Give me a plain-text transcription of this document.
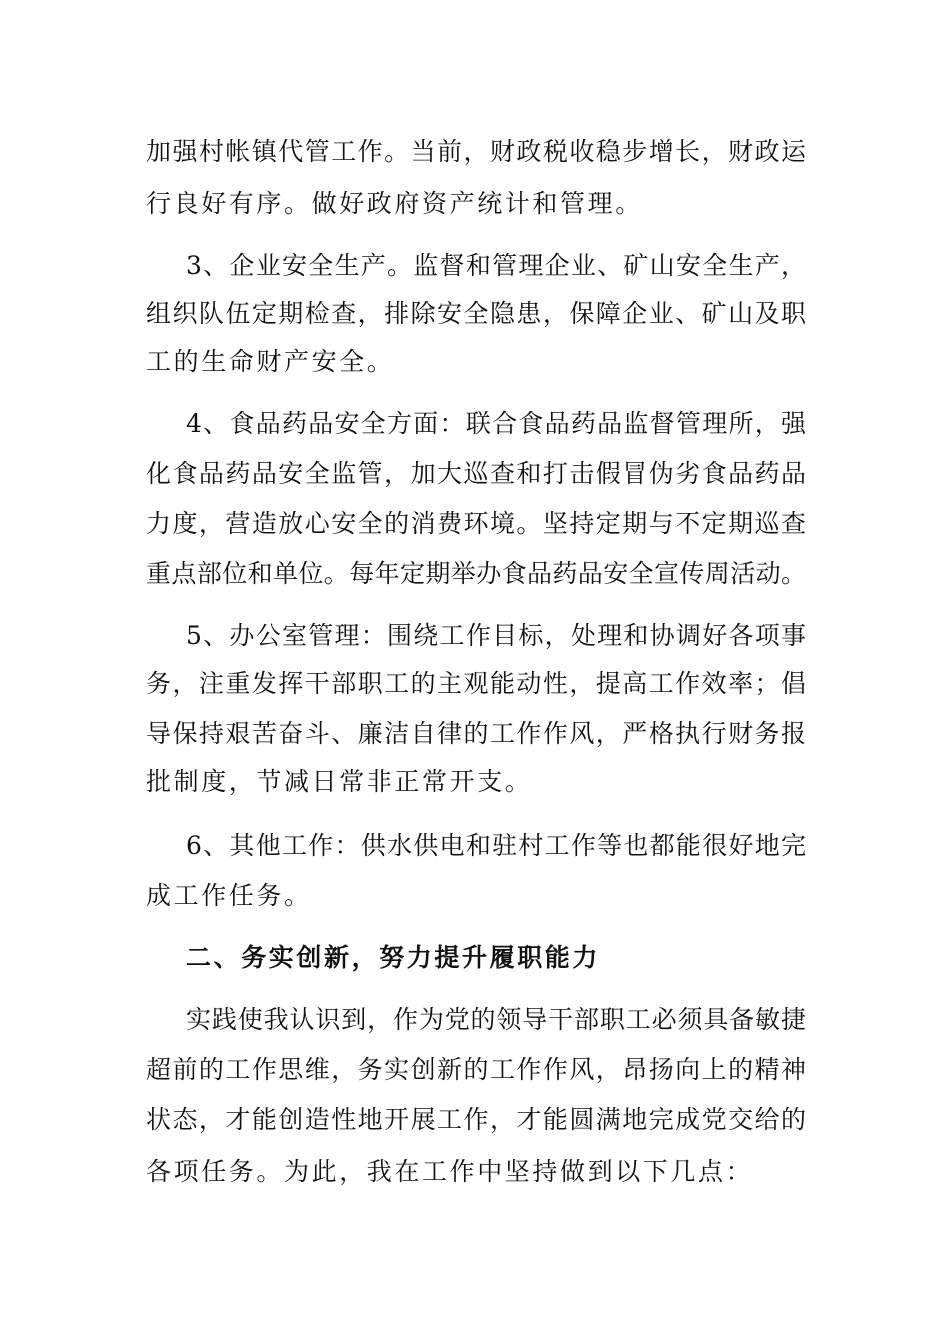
加强村帐镇代管工作。当前，财政税收稳步增长，财政运
行良好有序。做好政府资产统计和管理。
3、企业安全生产。监督和管理企业、矿山安全生产，
组织队伍定期检查，排除安全隐患，保障企业、矿山及职
工的生命财产安全。
4、食品药品安全方面：联合食品药品监督管理所，强
化食品药品安全监管，加大巡查和打击假冒伪劣食品药品
力度，营造放心安全的消费环境。坚持定期与不定期巡查
重点部位和单位。每年定期举办食品药品安全宣传周活动。
5、办公室管理：围绕工作目标，处理和协调好各项事
务，注重发挥干部职工的主观能动性，提高工作效率；倡
导保持艰苦奋斗、廉洁自律的工作作风，严格执行财务报
批制度，节减日常非正常开支。
6、其他工作：供水供电和驻村工作等也都能很好地完
成工作任务。
二、务实创新，努力提升履职能力
实践使我认识到，作为党的领导干部职工必须具备敏捷
超前的工作思维，务实创新的工作作风，昂扬向上的精神
状态，才能创造性地开展工作，才能圆满地完成党交给的
各项任务。为此，我在工作中坚持做到以下几点：
